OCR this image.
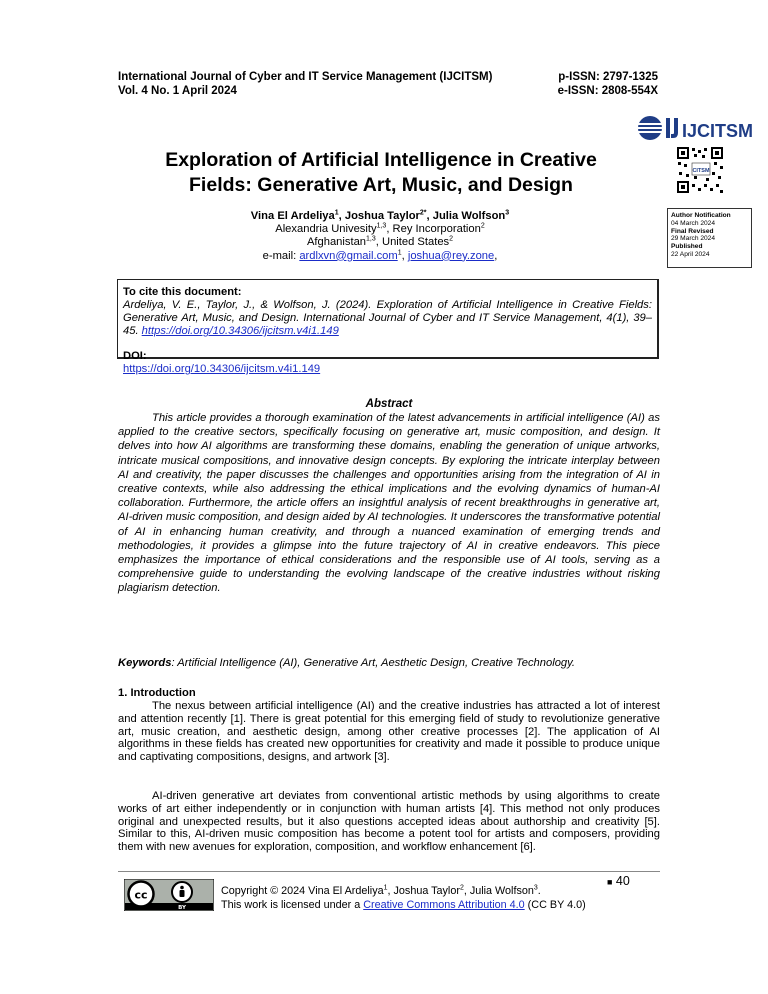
International Journal of Cyber and IT Service Management (IJCITSM)
Vol. 4 No. 1 April 2024
p-ISSN: 2797-1325
e-ISSN: 2808-554X
IJCITSM
CITSM
Exploration of Artificial Intelligence in Creative
Fields: Generative Art, Music, and Design
Vina El Ardeliya$^1$, Joshua Taylor$^{2*}$, Julia Wolfson$^3$
Alexandria Univesity$^{1,3}$, Rey Incorporation$^2$
Afghanistan$^{1,3}$, United States$^2$
e-mail: ardlxvn@gmail.com$^1$, joshua@rey.zone,
Author Notification
04 March 2024
Final Revised
29 March 2024
Published
22 April 2024
To cite this document:
Ardeliya, V. E., Taylor, J., & Wolfson, J. (2024). Exploration of Artificial Intelligence in Creative Fields: Generative Art, Music, and Design. International Journal of Cyber and IT Service Management, 4(1), 39–45. https://doi.org/10.34306/ijcitsm.v4i1.149
DOI:
https://doi.org/10.34306/ijcitsm.v4i1.149
Abstract

This article provides a thorough examination of the latest advancements in artificial intelligence (AI) as applied to the creative sectors, specifically focusing on generative art, music composition, and design. It delves into how AI algorithms are transforming these domains, enabling the generation of unique artworks, intricate musical compositions, and innovative design concepts. By exploring the intricate interplay between AI and creativity, the paper discusses the challenges and opportunities arising from the integration of AI in creative contexts, while also addressing the ethical implications and the evolving dynamics of human-AI collaboration. Furthermore, the article offers an insightful analysis of recent breakthroughs in generative art, AI-driven music composition, and design aided by AI technologies. It underscores the transformative potential of AI in enhancing human creativity, and through a nuanced examination of emerging trends and methodologies, it provides a glimpse into the future trajectory of AI in creative endeavors. This piece emphasizes the importance of ethical considerations and the responsible use of AI tools, serving as a comprehensive guide to understanding the evolving landscape of the creative industries without risking plagiarism detection.

Keywords: Artificial Intelligence (AI), Generative Art, Aesthetic Design, Creative Technology.
1. Introduction

The nexus between artificial intelligence (AI) and the creative industries has attracted a lot of interest and attention recently [1]. There is great potential for this emerging field of study to revolutionize generative art, music creation, and aesthetic design, among other creative processes [2]. The application of AI algorithms in these fields has created new opportunities for creativity and made it possible to produce unique and captivating compositions, designs, and artwork [3].

AI-driven generative art deviates from conventional artistic methods by using algorithms to create works of art either independently or in conjunction with human artists [4]. This method not only produces original and unexpected results, but it also questions accepted ideas about authorship and creativity [5]. Similar to this, AI-driven music composition has become a potent tool for artists and composers, providing them with new avenues for exploration, composition, and workflow enhancement [6].

■ 40
cc
BY
Copyright © 2024 Vina El Ardeliya$^1$, Joshua Taylor$^2$, Julia Wolfson$^3$.
This work is licensed under a Creative Commons Attribution 4.0 (CC BY 4.0)
